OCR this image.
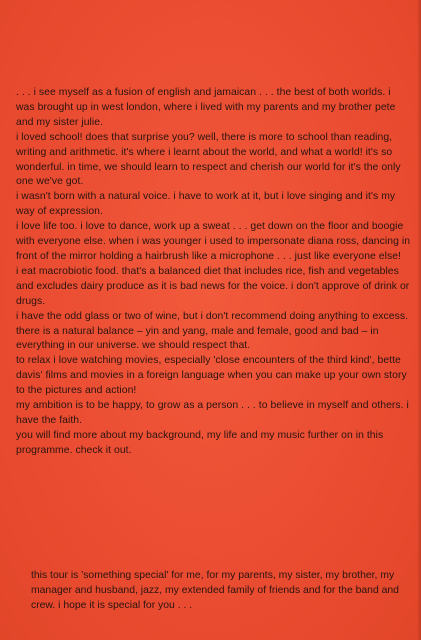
. . . i see myself as a fusion of english and jamaican . . . the best of both worlds. i was brought up in west london, where i lived with my parents and my brother pete and my sister julie.

i loved school! does that surprise you? well, there is more to school than reading, writing and arithmetic. it's where i learnt about the world, and what a world! it's so wonderful. in time, we should learn to respect and cherish our world for it's the only one we've got.

i wasn't born with a natural voice. i have to work at it, but i love singing and it's my way of expression.

i love life too. i love to dance, work up a sweat . . . get down on the floor and boogie with everyone else. when i was younger i used to impersonate diana ross, dancing in front of the mirror holding a hairbrush like a microphone . . . just like everyone else!

i eat macrobiotic food. that's a balanced diet that includes rice, fish and vegetables and excludes dairy produce as it is bad news for the voice. i don't approve of drink or drugs.

i have the odd glass or two of wine, but i don't recommend doing anything to excess. there is a natural balance – yin and yang, male and female, good and bad – in everything in our universe. we should respect that.

to relax i love watching movies, especially 'close encounters of the third kind', bette davis' films and movies in a foreign language when you can make up your own story to the pictures and action!

my ambition is to be happy, to grow as a person . . . to believe in myself and others. i have the faith.

you will find more about my background, my life and my music further on in this programme. check it out.

this tour is 'something special' for me, for my parents, my sister, my brother, my manager and husband, jazz, my extended family of friends and for the band and crew. i hope it is special for you . . .
